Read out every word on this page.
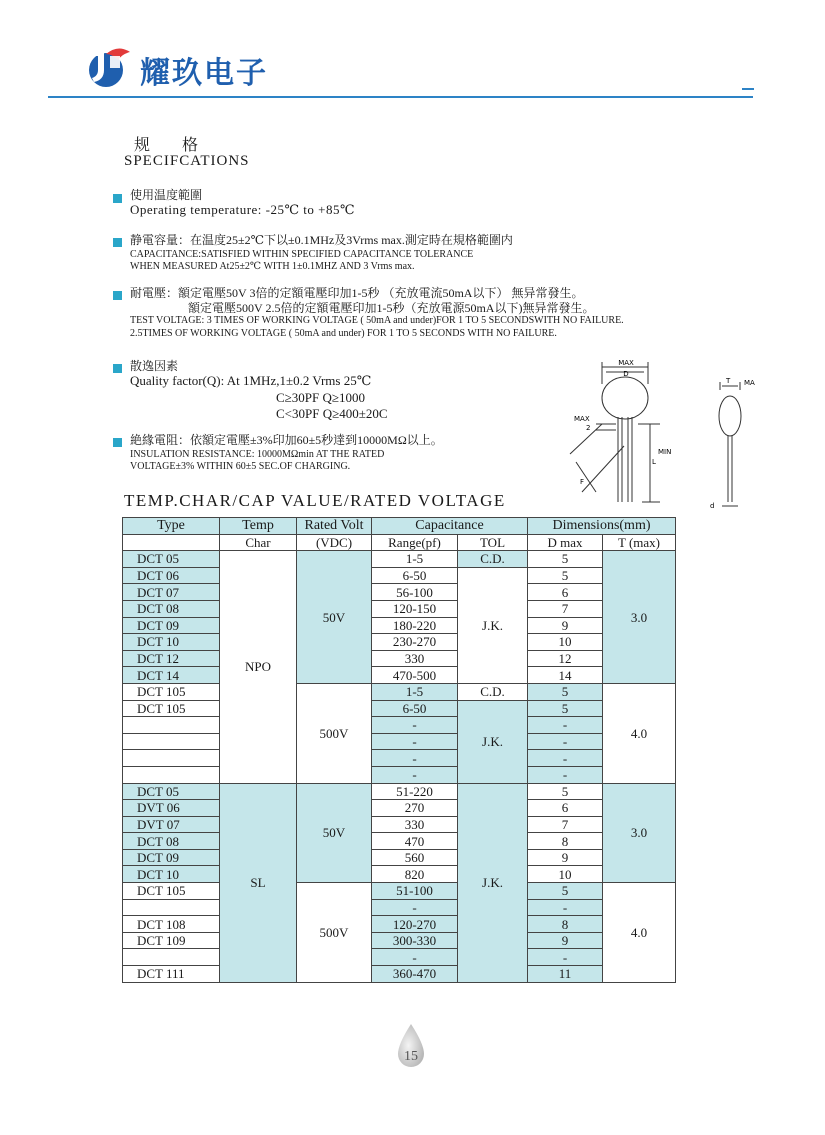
耀玖电子
规格
SPECIFCATIONS
使用温度範圍
Operating temperature: -25℃ to +85℃
静電容量：在温度25±2℃下以±0.1MHz及3Vrms max.測定時在規格範圍内
CAPACITANCE:SATISFIED WITHIN SPECIFIED CAPACITANCE TOLERANCE
WHEN MEASURED At25±2℃ WITH 1±0.1MHZ AND 3 Vrms max.
耐電壓：額定電壓50V 3倍的定額電壓印加1-5秒 （充放電流50mA以下） 無异常發生。
額定電壓500V 2.5倍的定額電壓印加1-5秒（充放電源50mA以下)無异常發生。
TEST VOLTAGE: 3 TIMES OF WORKING VOLTAGE ( 50mA and under)FOR 1 TO 5 SECONDSWITH NO FAILURE.
2.5TIMES OF WORKING VOLTAGE ( 50mA and under) FOR 1 TO 5 SECONDS WITH NO FAILURE.
散逸因素
Quality factor(Q): At 1MHz,1±0.2 Vrms 25℃
C≥30PF Q≥1000
C<30PF Q≥400±20C
絶緣電阻：依額定電壓±3%印加60±5秒達到10000MΩ以上。
INSULATION RESISTANCE: 10000MΩmin AT THE RATED
VOLTAGE±3% WITHIN 60±5 SEC.OF CHARGING.
MAX
D
MAX
2
MIN
L
F
T MA
d
TEMP.CHAR/CAP VALUE/RATED VOLTAGE
Type	Temp	Rated Volt	Capacitance		Dimensions(mm)	
	Char	(VDC)	Range(pf)	TOL	D max	T (max)
DCT 05	NPO	50V	1-5	C.D.	5	3.0
DCT 06			6-50	J.K.	5	
DCT 07			56-100		6	
DCT 08			120-150		7	
DCT 09			180-220		9	
DCT 10			230-270		10	
DCT 12			330		12	
DCT 14			470-500		14	
DCT 105		500V	1-5	C.D.	5	4.0
DCT 105			6-50	J.K.	5	
			-		-	
			-		-	
			-		-	
			-		-	
DCT 05	SL	50V	51-220	J.K.	5	3.0
DVT 06			270		6	
DVT 07			330		7	
DCT 08			470		8	
DCT 09			560		9	
DCT 10			820		10	
DCT 105		500V	51-100		5	4.0
			-		-	
DCT 108			120-270		8	
DCT 109			300-330		9	
			-		-	
DCT 111			360-470		11	
15
